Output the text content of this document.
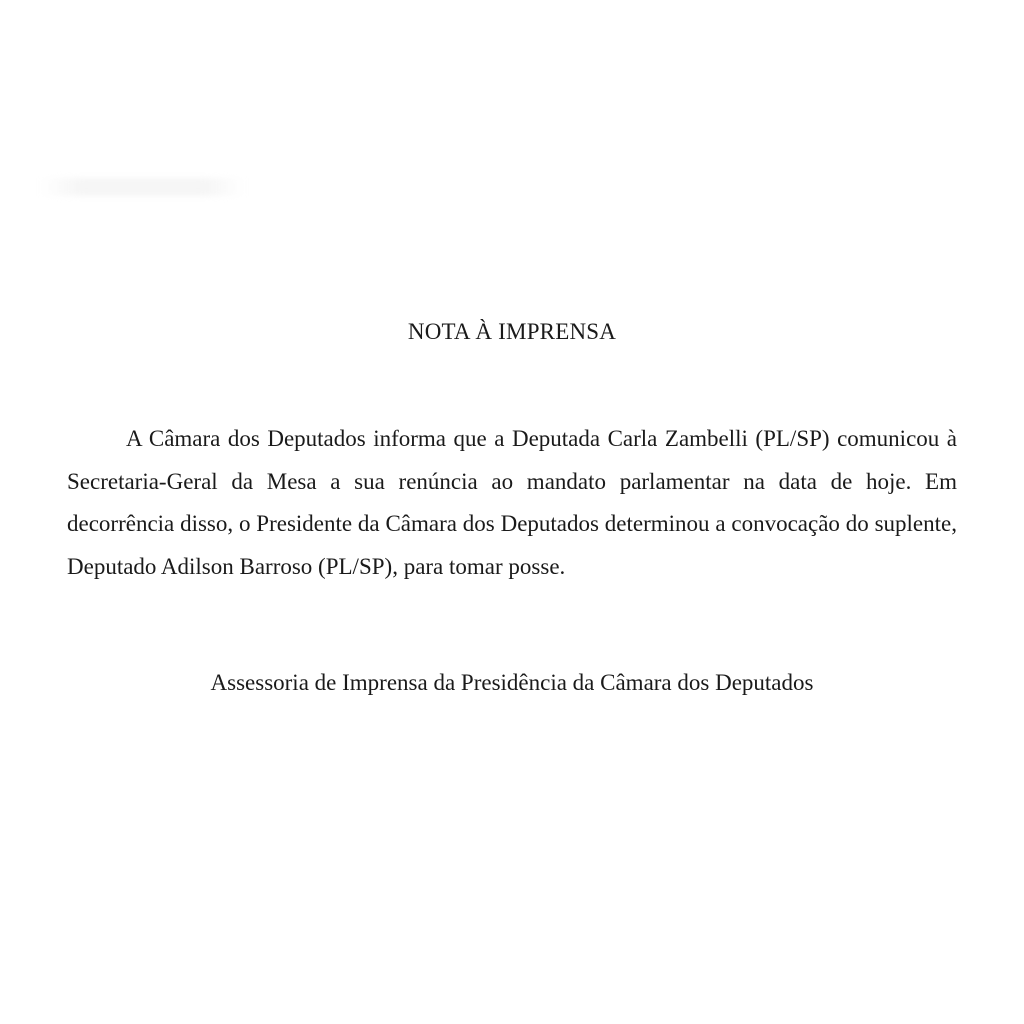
NOTA À IMPRENSA

A Câmara dos Deputados informa que a Deputada Carla Zambelli (PL/SP) comunicou à Secretaria-Geral da Mesa a sua renúncia ao mandato parlamentar na data de hoje. Em decorrência disso, o Presidente da Câmara dos Deputados determinou a convocação do suplente, Deputado Adilson Barroso (PL/SP), para tomar posse.

Assessoria de Imprensa da Presidência da Câmara dos Deputados
